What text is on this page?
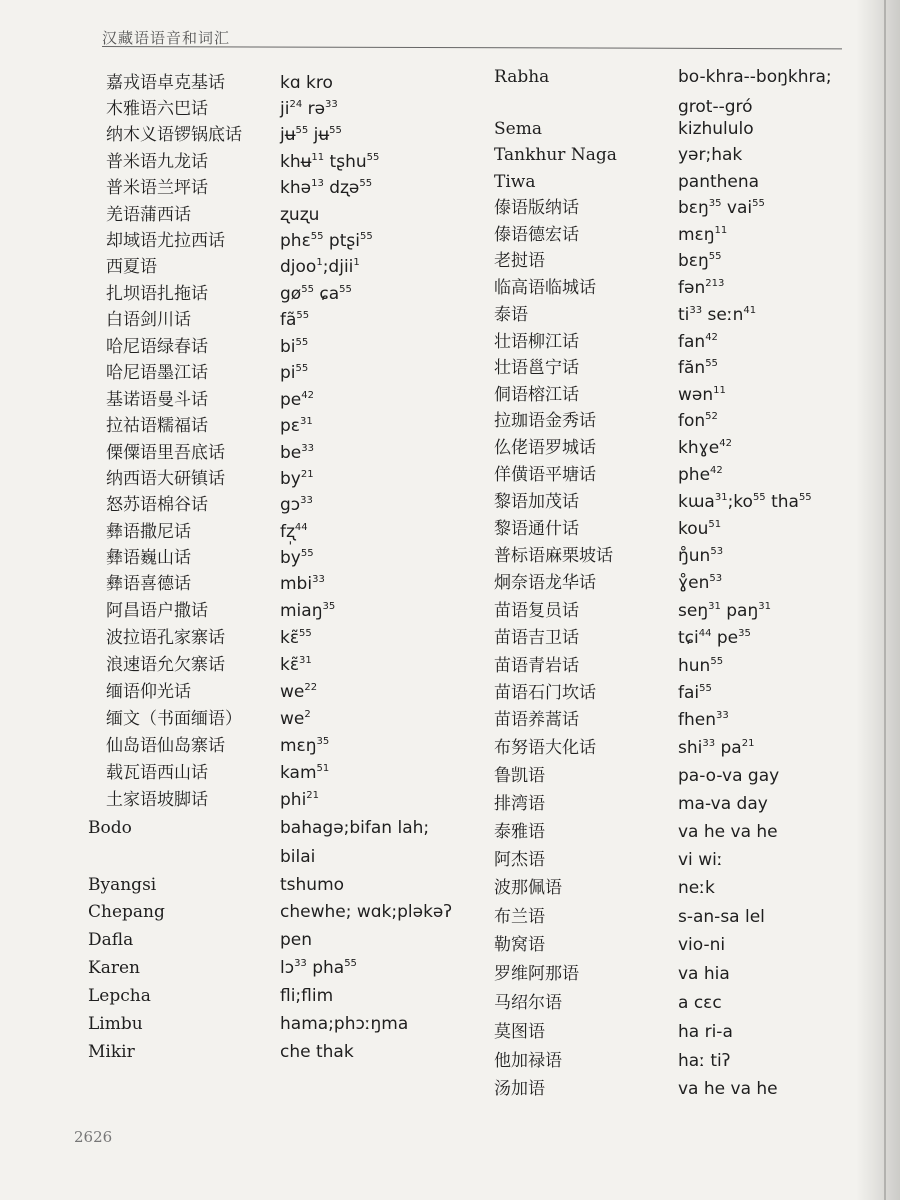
汉藏语语音和词汇
嘉戎语卓克基话	kɑ kro
木雅语六巴话	$ji^{24}$ rə$^{33}$
纳木义语锣锅底话 jʉ$^{55}$ jʉ$^{55}$
普米语九龙话	khʉ$^{11}$ tʂhu$^{55}$
普米语兰坪话	khə$^{13}$ dʐə$^{55}$
羌语蒲西话	ʐuʐu
却域语尤拉西话	phɛ$^{55}$ ptʂi$^{55}$
西夏语	djoo$^1$;djii$^1$
扎坝语扎拖话	$gø^{55}$ ɕa$^{55}$
白语剑川话	$fã^{55}$
哈尼语绿春话	$bi^{55}$
哈尼语墨江话	$pi^{55}$
基诺语曼斗话	$pe^{42}$
拉祜语糯福话	pɛ$^{31}$
傈僳语里吾底话	$be^{33}$
纳西语大研镇话	$by^{21}$
怒苏语棉谷话	gɔ$^{33}$
彝语撒尼话	fʐ̩$^{44}$
彝语巍山话	$by^{55}$
彝语喜德话	mbi$^{33}$
阿昌语户撒话	miaŋ$^{35}$
波拉语孔家寨话	kɛ̃$^{55}$
浪速语允欠寨话	kɛ̃$^{31}$
缅语仰光话	$we^{22}$
缅文（书面缅语） $we^2$
仙岛语仙岛寨话	mɛŋ$^{35}$
载瓦语西山话	kam$^{51}$
土家语坡脚话	phi$^{21}$
Bodo	bahagə;bifan lah;
bilai
Byangsi	tshumo
Chepang	chewhe; wɑk;pləkəʔ
Dafla	pen
Karen	lɔ$^{33}$ pha$^{55}$
Lepcha	fli;flim
Limbu	hama;phɔːŋma
Mikir	che thak
Rabha	bo-khra--boŋkhra;
grot--gró
Sema	kizhululo
Tankhur Naga	yər;hak
Tiwa	panthena
傣语版纳话	bɛŋ$^{35}$ vai$^{55}$
傣语德宏话	mɛŋ$^{11}$
老挝语	bɛŋ$^{55}$
临高语临城话	fən$^{213}$
泰语	$ti^{33}$ seːn$^{41}$
壮语柳江话	fan$^{42}$
壮语邕宁话	făn$^{55}$
侗语榕江话	wən$^{11}$
拉珈语金秀话	fon$^{52}$
仫佬语罗城话	khɣe$^{42}$
佯僙语平塘话	phe$^{42}$
黎语加茂话	$kɯa^{31};ko^{55}$ tha$^{55}$
黎语通什话	kou$^{51}$
普标语麻栗坡话	$ŋ̊un^{53}$
炯奈语龙华话	$ɣ̊en^{53}$
苗语复员话	seŋ$^{31}$ paŋ$^{31}$
苗语吉卫话	tɕi$^{44}$ $pe^{35}$
苗语青岩话	hun$^{55}$
苗语石门坎话	fai$^{55}$
苗语养蒿话	fhen$^{33}$
布努语大化话	shi$^{33}$ $pa^{21}$
鲁凯语	pa-o-va gay
排湾语	ma-va day
泰雅语	va he va he
阿杰语	vi wiː
波那佩语	neːk
布兰语	s-an-sa lel
勒窝语	vio-ni
罗维阿那语	va hia
马绍尔语	a cɛc
莫图语	ha ri-a
他加禄语	haː tiʔ
汤加语	va he va he
2626
